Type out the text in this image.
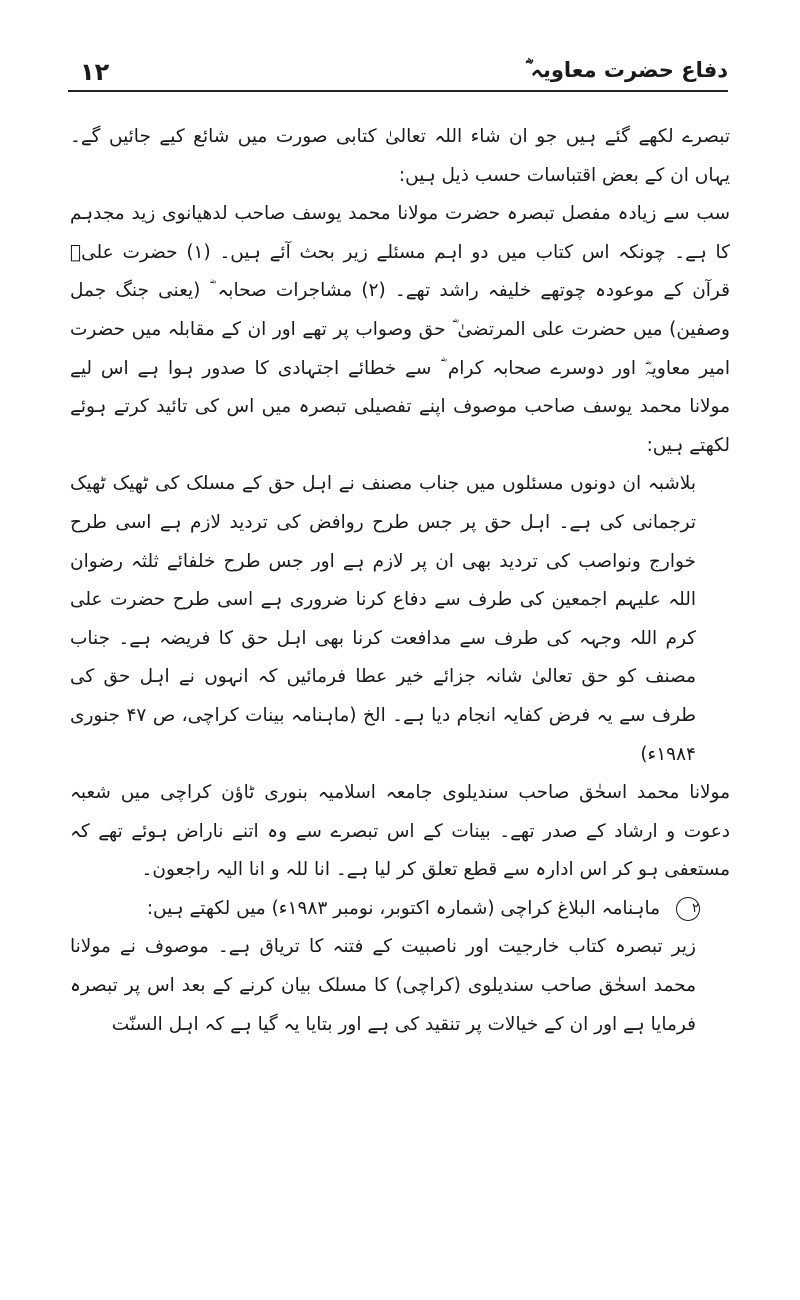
۱۲	دفاع حضرت معاویہ ؓ

تبصرے لکھے گئے ہیں جو ان شاء اللہ تعالیٰ کتابی صورت میں شائع کیے جائیں گے۔ یہاں ان کے بعض اقتباسات حسب ذیل ہیں:

سب سے زیادہ مفصل تبصرہ حضرت مولانا محمد یوسف صاحب لدھیانوی زید مجدہم کا ہے۔ چونکہ اس کتاب میں دو اہم مسئلے زیر بحث آئے ہیں۔ (۱) حضرت علیؓ قرآن کے موعودہ چوتھے خلیفہ راشد تھے۔ (۲) مشاجرات صحابہ ؓ (یعنی جنگ جمل وصفین) میں حضرت علی المرتضیٰ ؓ حق وصواب پر تھے اور ان کے مقابلہ میں حضرت امیر معاویہؓ اور دوسرے صحابہ کرام ؓ سے خطائے اجتہادی کا صدور ہوا ہے اس لیے مولانا محمد یوسف صاحب موصوف اپنے تفصیلی تبصرہ میں اس کی تائید کرتے ہوئے لکھتے ہیں:

بلاشبہ ان دونوں مسئلوں میں جناب مصنف نے اہل حق کے مسلک کی ٹھیک ٹھیک ترجمانی کی ہے۔ اہل حق پر جس طرح روافض کی تردید لازم ہے اسی طرح خوارج ونواصب کی تردید بھی ان پر لازم ہے اور جس طرح خلفائے ثلثہ رضوان اللہ علیہم اجمعین کی طرف سے دفاع کرنا ضروری ہے اسی طرح حضرت علی کرم اللہ وجہہ کی طرف سے مدافعت کرنا بھی اہل حق کا فریضہ ہے۔ جناب مصنف کو حق تعالیٰ شانہ جزائے خیر عطا فرمائیں کہ انہوں نے اہل حق کی طرف سے یہ فرض کفایہ انجام دیا ہے۔ الخ (ماہنامہ بینات کراچی، ص ۴۷ جنوری ۱۹۸۴ء)

مولانا محمد اسحٰق صاحب سندیلوی جامعہ اسلامیہ بنوری ٹاؤن کراچی میں شعبہ دعوت و ارشاد کے صدر تھے۔ بینات کے اس تبصرے سے وہ اتنے ناراض ہوئے تھے کہ مستعفی ہو کر اس ادارہ سے قطع تعلق کر لیا ہے۔ انا للہ و انا الیہ راجعون۔

۲
ماہنامہ البلاغ کراچی (شمارہ اکتوبر، نومبر ۱۹۸۳ء) میں لکھتے ہیں:

زیر تبصرہ کتاب خارجیت اور ناصبیت کے فتنہ کا تریاق ہے۔ موصوف نے مولانا محمد اسحٰق صاحب سندیلوی (کراچی) کا مسلک بیان کرنے کے بعد اس پر تبصرہ فرمایا ہے اور ان کے خیالات پر تنقید کی ہے اور بتایا یہ گیا ہے کہ اہل السنّت
